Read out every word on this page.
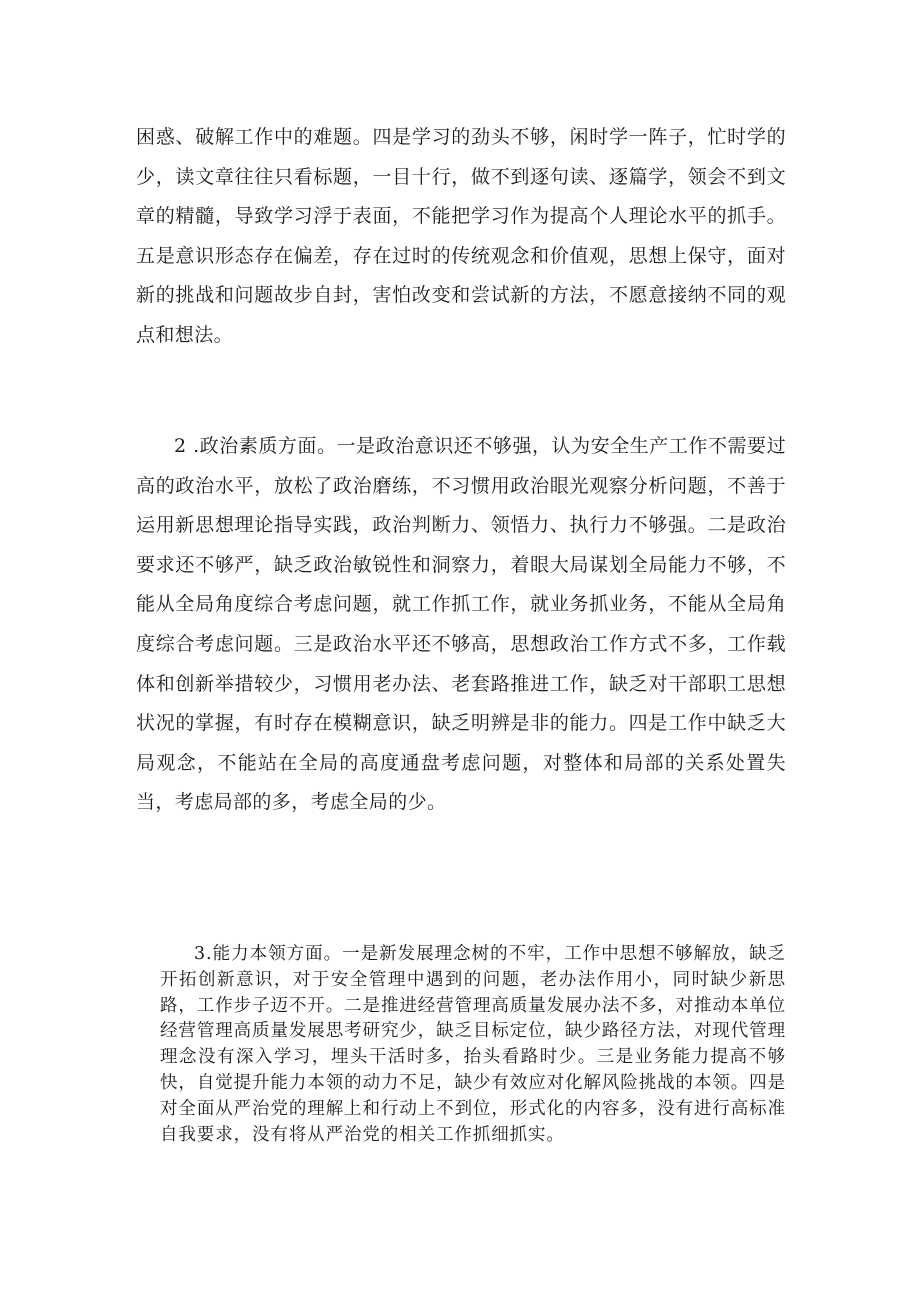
困惑、破解工作中的难题。四是学习的劲头不够，闲时学一阵子，忙时学的少，读文章往往只看标题，一目十行，做不到逐句读、逐篇学，领会不到文章的精髓，导致学习浮于表面，不能把学习作为提高个人理论水平的抓手。五是意识形态存在偏差，存在过时的传统观念和价值观，思想上保守，面对新的挑战和问题故步自封，害怕改变和尝试新的方法，不愿意接纳不同的观点和想法。

2 .政治素质方面。一是政治意识还不够强，认为安全生产工作不需要过高的政治水平，放松了政治磨练，不习惯用政治眼光观察分析问题，不善于运用新思想理论指导实践，政治判断力、领悟力、执行力不够强。二是政治要求还不够严，缺乏政治敏锐性和洞察力，着眼大局谋划全局能力不够，不能从全局角度综合考虑问题，就工作抓工作，就业务抓业务，不能从全局角度综合考虑问题。三是政治水平还不够高，思想政治工作方式不多，工作载体和创新举措较少，习惯用老办法、老套路推进工作，缺乏对干部职工思想状况的掌握，有时存在模糊意识，缺乏明辨是非的能力。四是工作中缺乏大局观念，不能站在全局的高度通盘考虑问题，对整体和局部的关系处置失当，考虑局部的多，考虑全局的少。

3.能力本领方面。一是新发展理念树的不牢，工作中思想不够解放，缺乏开拓创新意识，对于安全管理中遇到的问题，老办法作用小，同时缺少新思路，工作步子迈不开。二是推进经营管理高质量发展办法不多，对推动本单位经营管理高质量发展思考研究少，缺乏目标定位，缺少路径方法，对现代管理理念没有深入学习，埋头干活时多，抬头看路时少。三是业务能力提高不够快，自觉提升能力本领的动力不足，缺少有效应对化解风险挑战的本领。四是对全面从严治党的理解上和行动上不到位，形式化的内容多，没有进行高标准自我要求，没有将从严治党的相关工作抓细抓实。
